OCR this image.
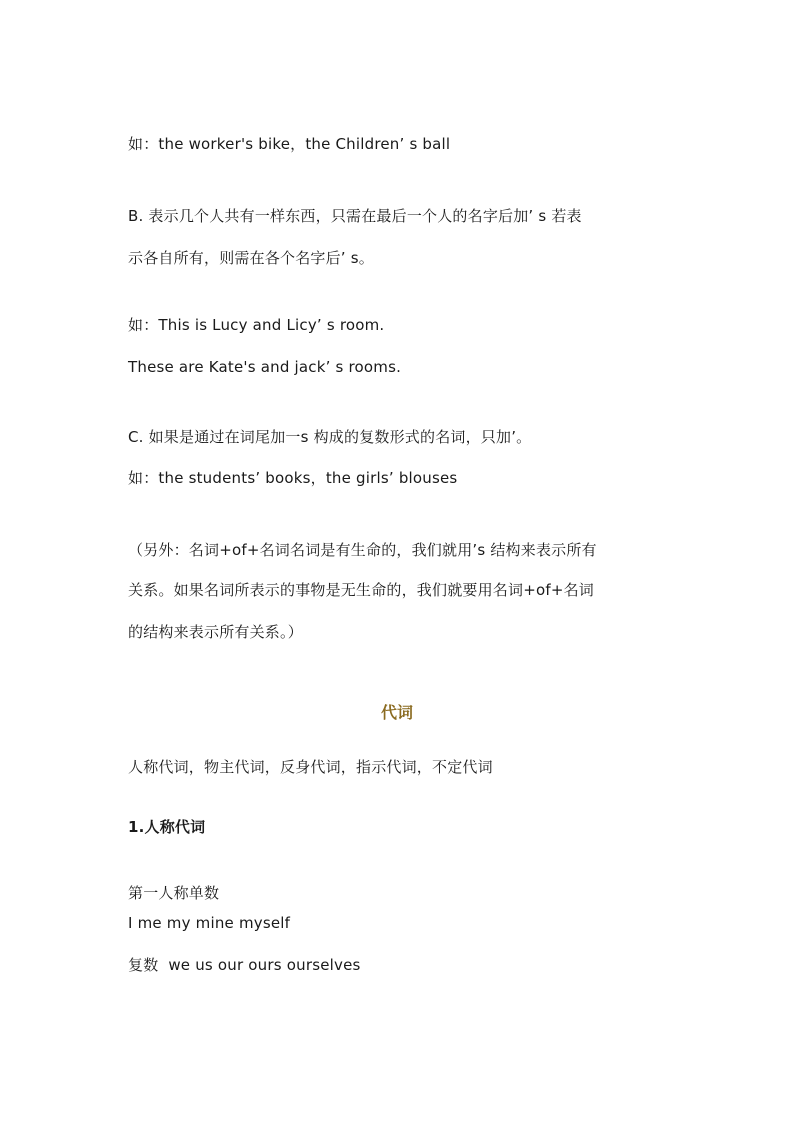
如：the worker's bike，the Children’ s ball

B. 表示几个人共有一样东西，只需在最后一个人的名字后加’ s 若表

示各自所有，则需在各个名字后’ s。

如：This is Lucy and Licy’ s room.

These are Kate's and jack’ s rooms.

C. 如果是通过在词尾加一s 构成的复数形式的名词，只加’。

如：the students’ books，the girls’ blouses

（另外：名词+of+名词名词是有生命的，我们就用’s 结构来表示所有

关系。如果名词所表示的事物是无生命的，我们就要用名词+of+名词

的结构来表示所有关系。）

代词

人称代词，物主代词，反身代词，指示代词，不定代词

1.人称代词

第一人称单数

I me my mine myself

复数  we us our ours ourselves
